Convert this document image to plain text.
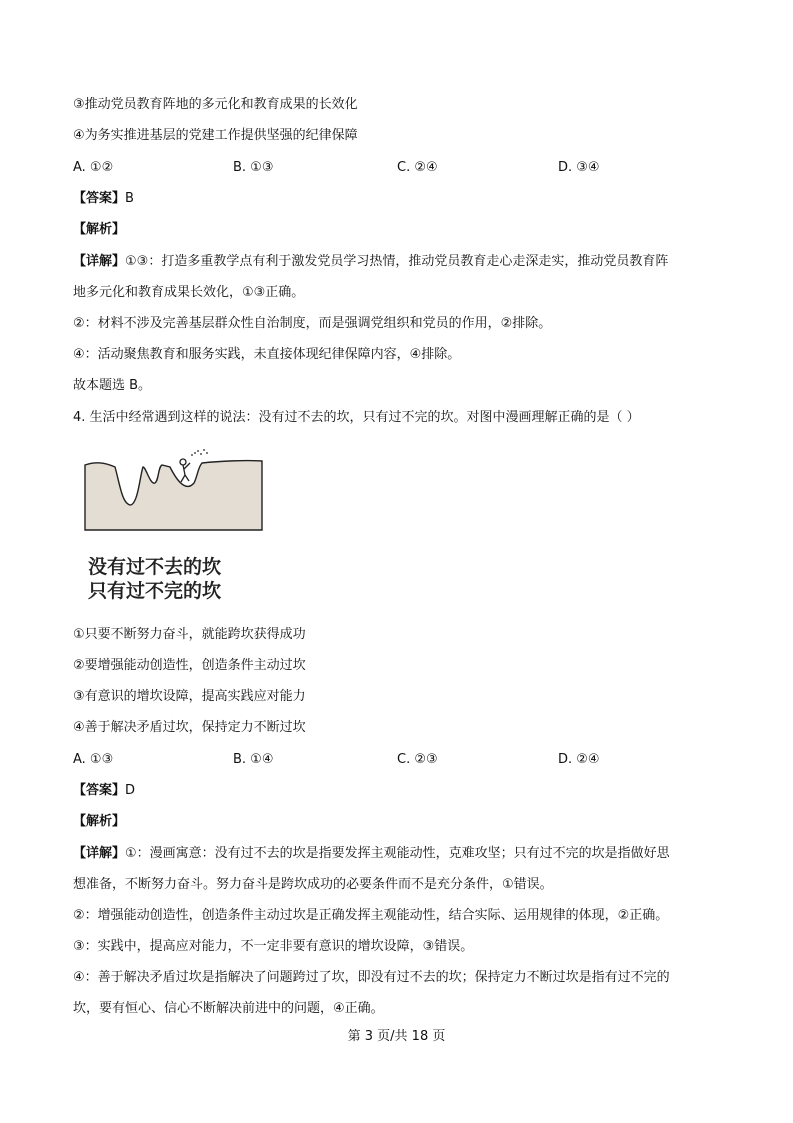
③推动党员教育阵地的多元化和教育成果的长效化
④为务实推进基层的党建工作提供坚强的纪律保障
A. ①②	B. ①③	C. ②④	D. ③④
【答案】B
【解析】
【详解】①③：打造多重教学点有利于激发党员学习热情，推动党员教育走心走深走实，推动党员教育阵
地多元化和教育成果长效化，①③正确。
②：材料不涉及完善基层群众性自治制度，而是强调党组织和党员的作用，②排除。
④：活动聚焦教育和服务实践，未直接体现纪律保障内容，④排除。
故本题选 B。
4. 生活中经常遇到这样的说法：没有过不去的坎，只有过不完的坎。对图中漫画理解正确的是（ ）
没有过不去的坎
只有过不完的坎
①只要不断努力奋斗，就能跨坎获得成功
②要增强能动创造性，创造条件主动过坎
③有意识的增坎设障，提高实践应对能力
④善于解决矛盾过坎，保持定力不断过坎
A. ①③	B. ①④	C. ②③	D. ②④
【答案】D
【解析】
【详解】①：漫画寓意：没有过不去的坎是指要发挥主观能动性，克难攻坚；只有过不完的坎是指做好思
想准备，不断努力奋斗。努力奋斗是跨坎成功的必要条件而不是充分条件，①错误。
②：增强能动创造性，创造条件主动过坎是正确发挥主观能动性，结合实际、运用规律的体现，②正确。
③：实践中，提高应对能力，不一定非要有意识的增坎设障，③错误。
④：善于解决矛盾过坎是指解决了问题跨过了坎，即没有过不去的坎；保持定力不断过坎是指有过不完的
坎，要有恒心、信心不断解决前进中的问题，④正确。
第 3 页/共 18 页
